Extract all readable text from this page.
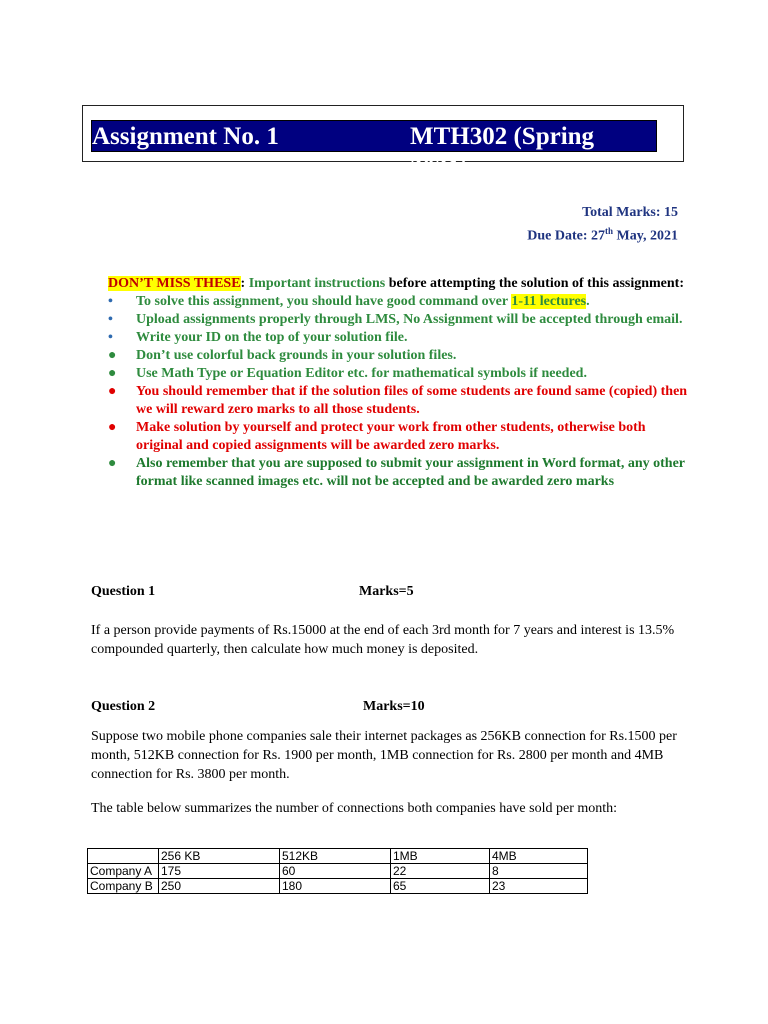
Assignment No. 1	MTH302 (Spring 2021)
Total Marks: 15
Due Date: 27th May, 2021
DON’T MISS THESE: Important instructions before attempting the solution of this assignment:
•	To solve this assignment, you should have good command over 1-11 lectures.
•	Upload assignments properly through LMS, No Assignment will be accepted through email.
•	Write your ID on the top of your solution file.
● Don’t use colorful back grounds in your solution files.
● Use Math Type or Equation Editor etc. for mathematical symbols if needed.
● You should remember that if the solution files of some students are found same (copied) then we will reward zero marks to all those students.
● Make solution by yourself and protect your work from other students, otherwise both original and copied assignments will be awarded zero marks.
● Also remember that you are supposed to submit your assignment in Word format, any other format like scanned images etc. will not be accepted and be awarded zero marks
Question 1	Marks=5
If a person provide payments of Rs.15000 at the end of each 3rd month for 7 years and interest is 13.5% compounded quarterly, then calculate how much money is deposited.
Question 2	Marks=10
Suppose two mobile phone companies sale their internet packages as 256KB connection for Rs.1500 per month, 512KB connection for Rs. 1900 per month, 1MB connection for Rs. 2800 per month and 4MB connection for Rs. 3800 per month.
The table below summarizes the number of connections both companies have sold per month:
	256 KB	512KB	1MB	4MB
Company A	175	60	22	8
Company B	250	180	65	23
